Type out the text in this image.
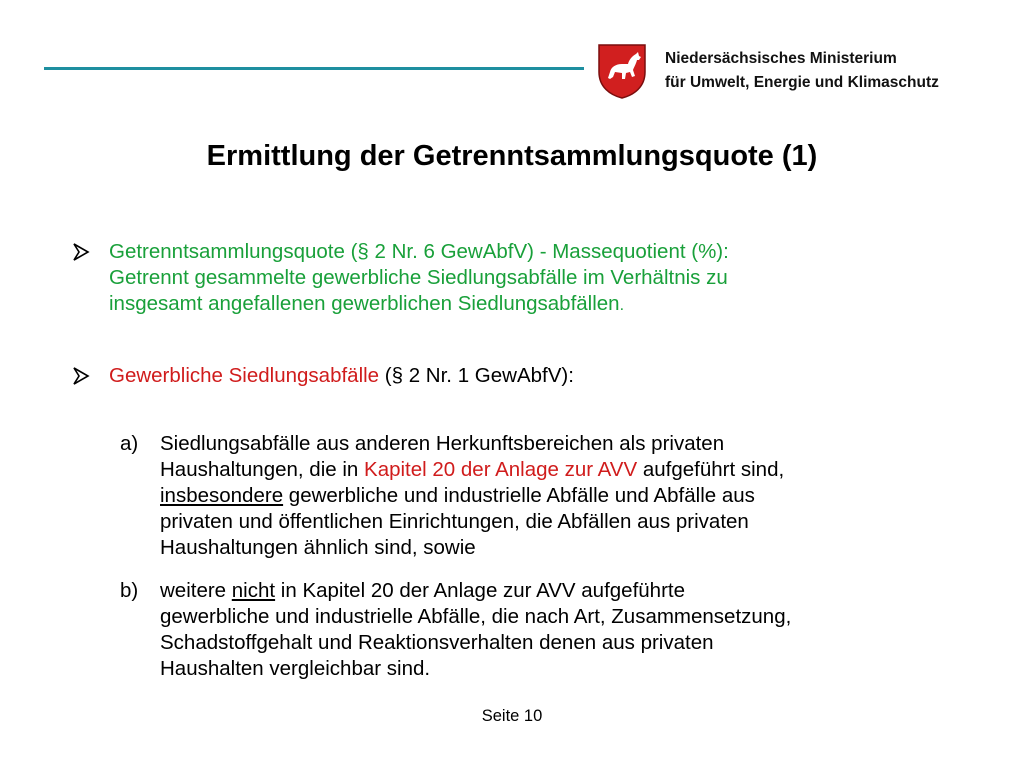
Niedersächsisches Ministerium
für Umwelt, Energie und Klimaschutz
Ermittlung der Getrenntsammlungsquote (1)
Getrenntsammlungsquote (§ 2 Nr. 6 GewAbfV) - Massequotient (%):
Getrennt gesammelte gewerbliche Siedlungsabfälle im Verhältnis zu
insgesamt angefallenen gewerblichen Siedlungsabfällen.
Gewerbliche Siedlungsabfälle (§ 2 Nr. 1 GewAbfV):
a) Siedlungsabfälle aus anderen Herkunftsbereichen als privaten
Haushaltungen, die in Kapitel 20 der Anlage zur AVV aufgeführt sind,
insbesondere gewerbliche und industrielle Abfälle und Abfälle aus
privaten und öffentlichen Einrichtungen, die Abfällen aus privaten
Haushaltungen ähnlich sind, sowie
b) weitere nicht in Kapitel 20 der Anlage zur AVV aufgeführte
gewerbliche und industrielle Abfälle, die nach Art, Zusammensetzung,
Schadstoffgehalt und Reaktionsverhalten denen aus privaten
Haushalten vergleichbar sind.
Seite 10
